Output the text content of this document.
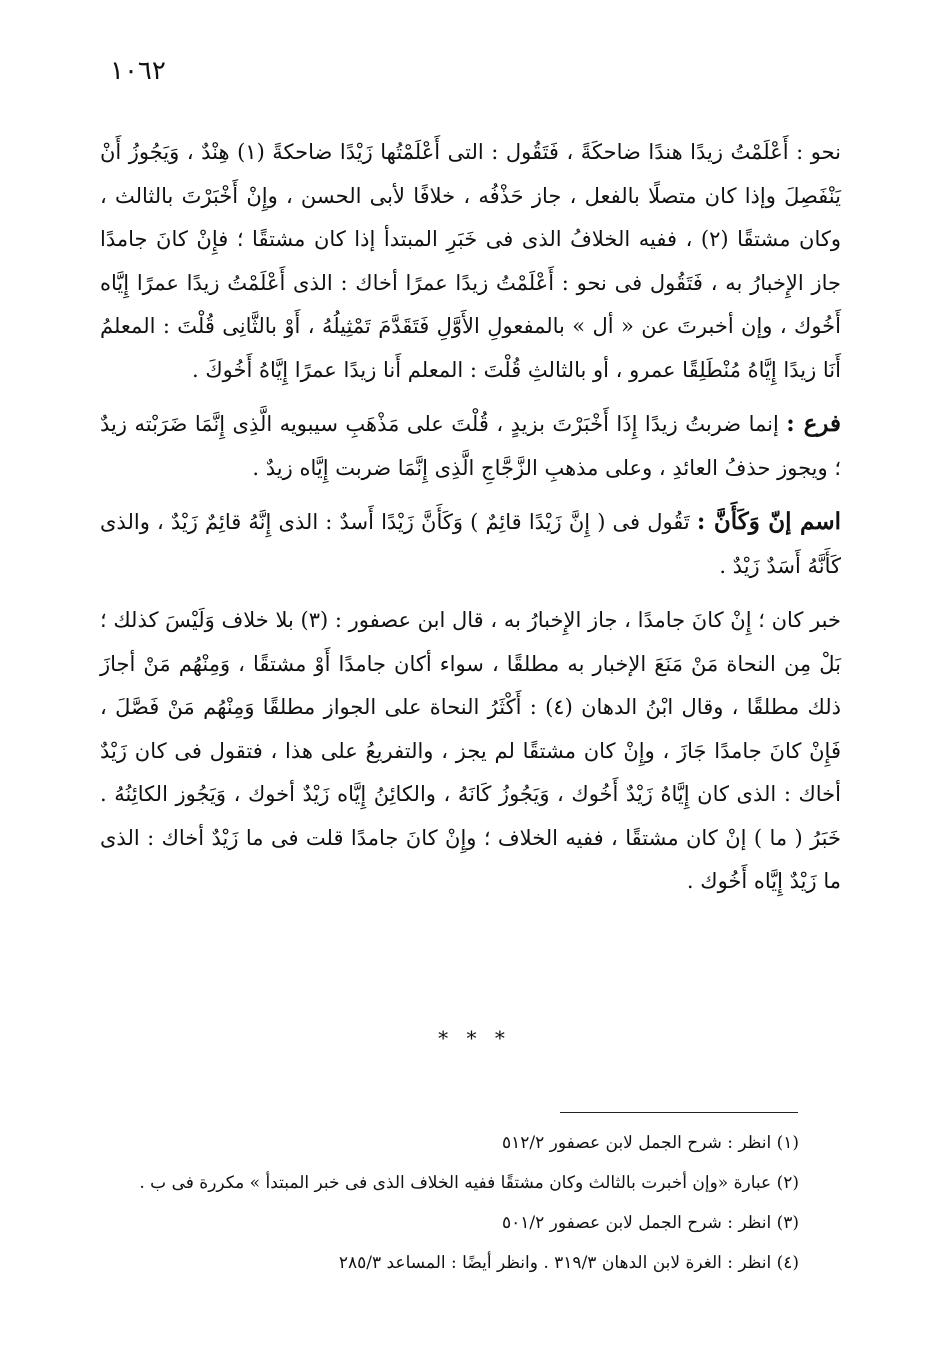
١٠٦٢

نحو : أَعْلَمْتُ زيدًا هندًا ضاحكَةً ، فَتَقُول : التى أَعْلَمْتُها زَيْدًا ضاحكةً (١) هِنْدٌ ، وَيَجُوزُ أَنْ يَنْفَصِلَ وإذا كان متصلًا بالفعل ، جاز حَذْفُه ، خلافًا لأبى الحسن ، وإِنْ أَخْبَرْتَ بالثالث ، وكان مشتقًا (٢) ، ففيه الخلافُ الذى فى خَبَرِ المبتدأ إذا كان مشتقًا ؛ فإِنْ كانَ جامدًا جاز الإِخبارُ به ، فَتَقُول فى نحو : أَعْلَمْتُ زيدًا عمرًا أخاك : الذى أَعْلَمْتُ زيدًا عمرًا إِيَّاه أَخُوك ، وإن أخبرتَ عن « أل » بالمفعولِ الأَوَّلِ فَتَقَدَّمَ تَمْثِيلُهُ ، أَوْ بالثَّانِى قُلْتَ : المعلمُ أَنَا زيدًا إِيَّاهُ مُنْطَلِقًا عمرو ، أو بالثالثِ قُلْتَ : المعلم أَنا زيدًا عمرًا إِيَّاهُ أَخُوكَ .

فرع : إنما ضربتُ زيدًا إِذَا أَخْبَرْتَ بزيدٍ ، قُلْتَ على مَذْهَبِ سيبويه الَّذِى إِنَّمَا ضَرَبْته زيدٌ ؛ ويجوز حذفُ العائدِ ، وعلى مذهبِ الزَّجَّاجِ الَّذِى إِنَّمَا ضربت إِيَّاه زيدٌ .

اسم إنّ وَكَأَنَّ : تَقُول فى ( إِنَّ زَيْدًا قائِمٌ ) وَكَأَنَّ زَيْدًا أَسدٌ : الذى إِنَّهُ قائِمٌ زَيْدٌ ، والذى كَأَنَّهُ أَسَدٌ زَيْدٌ .

خبر كان ؛ إِنْ كانَ جامدًا ، جاز الإِخبارُ به ، قال ابن عصفور : (٣) بلا خلاف وَلَيْسَ كذلك ؛ بَلْ مِن النحاة مَنْ مَنَعَ الإخبار به مطلقًا ، سواء أكان جامدًا أَوْ مشتقًا ، وَمِنْهُم مَنْ أجازَ ذلك مطلقًا ، وقال ابْنُ الدهان (٤) : أَكْثَرُ النحاة على الجواز مطلقًا وَمِنْهُم مَنْ فَصَّلَ ، فَإِنْ كانَ جامدًا جَازَ ، وإِنْ كان مشتقًا لم يجز ، والتفريعُ على هذا ، فتقول فى كان زَيْدٌ أخاك : الذى كان إِيَّاهُ زَيْدٌ أَخُوك ، وَيَجُوزُ كَانَهُ ، والكائِنُ إِيَّاه زَيْدٌ أخوك ، وَيَجُوز الكائِنُهُ . خَبَرُ ( ما ) إنْ كان مشتقًا ، ففيه الخلاف ؛ وإِنْ كانَ جامدًا قلت فى ما زَيْدٌ أخاك : الذى ما زَيْدٌ إِيَّاه أَخُوك .

* * *

(١) انظر : شرح الجمل لابن عصفور ٥١٢/٢

(٢) عبارة «وإن أخبرت بالثالث وكان مشتقًا ففيه الخلاف الذى فى خبر المبتدأ » مكررة فى ب .

(٣) انظر : شرح الجمل لابن عصفور ٥٠١/٢

(٤) انظر : الغرة لابن الدهان ٣١٩/٣ . وانظر أيضًا : المساعد ٢٨٥/٣
